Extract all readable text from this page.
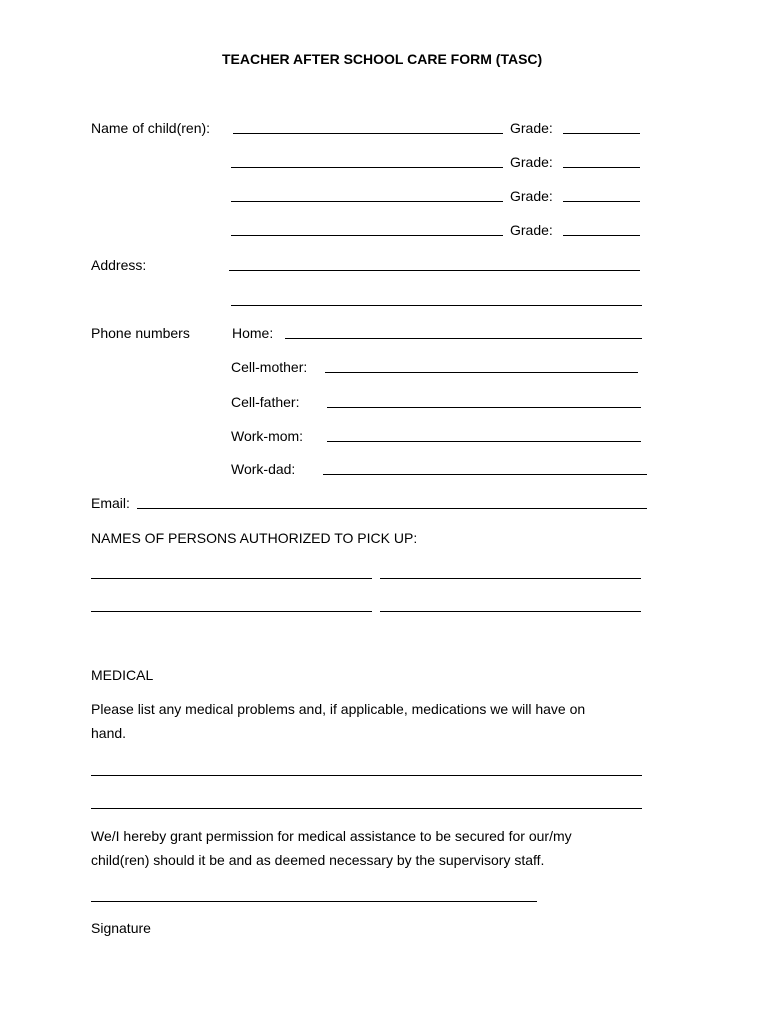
TEACHER AFTER SCHOOL CARE FORM (TASC)
Name of child(ren):	Grade:
Grade:
Grade:
Grade:
Address:
Phone numbers	Home:
Cell-mother:
Cell-father:
Work-mom:
Work-dad:
Email:
NAMES OF PERSONS AUTHORIZED TO PICK UP:
MEDICAL
Please list any medical problems and, if applicable, medications we will have on
hand.
We/I hereby grant permission for medical assistance to be secured for our/my
child(ren) should it be and as deemed necessary by the supervisory staff.
Signature
